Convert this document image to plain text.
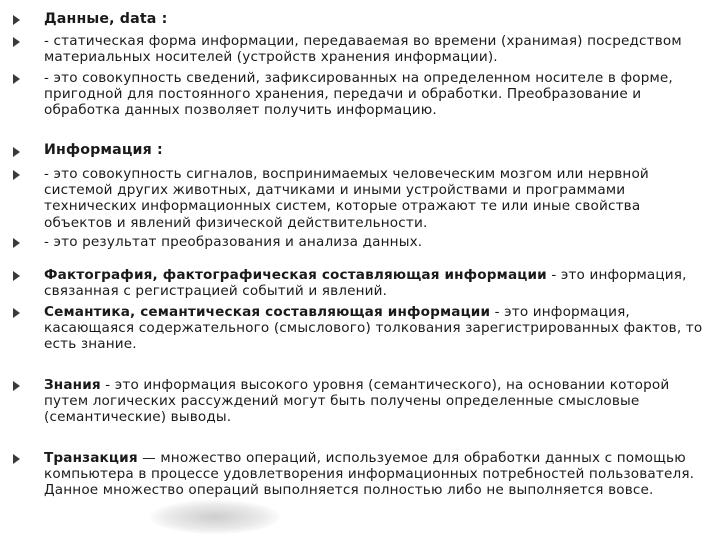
Данные, data :
- статическая форма информации, передаваемая во времени (хранимая) посредством материальных носителей (устройств хранения информации).
- это совокупность сведений, зафиксированных на определенном носителе в форме, пригодной для постоянного хранения, передачи и обработки. Преобразование и обработка данных позволяет получить информацию.
Информация :
- это совокупность сигналов, воспринимаемых человеческим мозгом или нервной системой других животных, датчиками и иными устройствами и программами технических информационных систем, которые отражают те или иные свойства объектов и явлений физической действительности.
- это результат преобразования и анализа данных.
Фактография, фактографическая составляющая информации - это информация, связанная с регистрацией событий и явлений.
Семантика, семантическая составляющая информации - это информация, касающаяся содержательного (смыслового) толкования зарегистрированных фактов, то есть знание.
Знания - это информация высокого уровня (семантического), на основании которой путем логических рассуждений могут быть получены определенные смысловые (семантические) выводы.
Транзакция — множество операций, используемое для обработки данных с помощью компьютера в процессе удовлетворения информационных потребностей пользователя. Данное множество операций выполняется полностью либо не выполняется вовсе.
